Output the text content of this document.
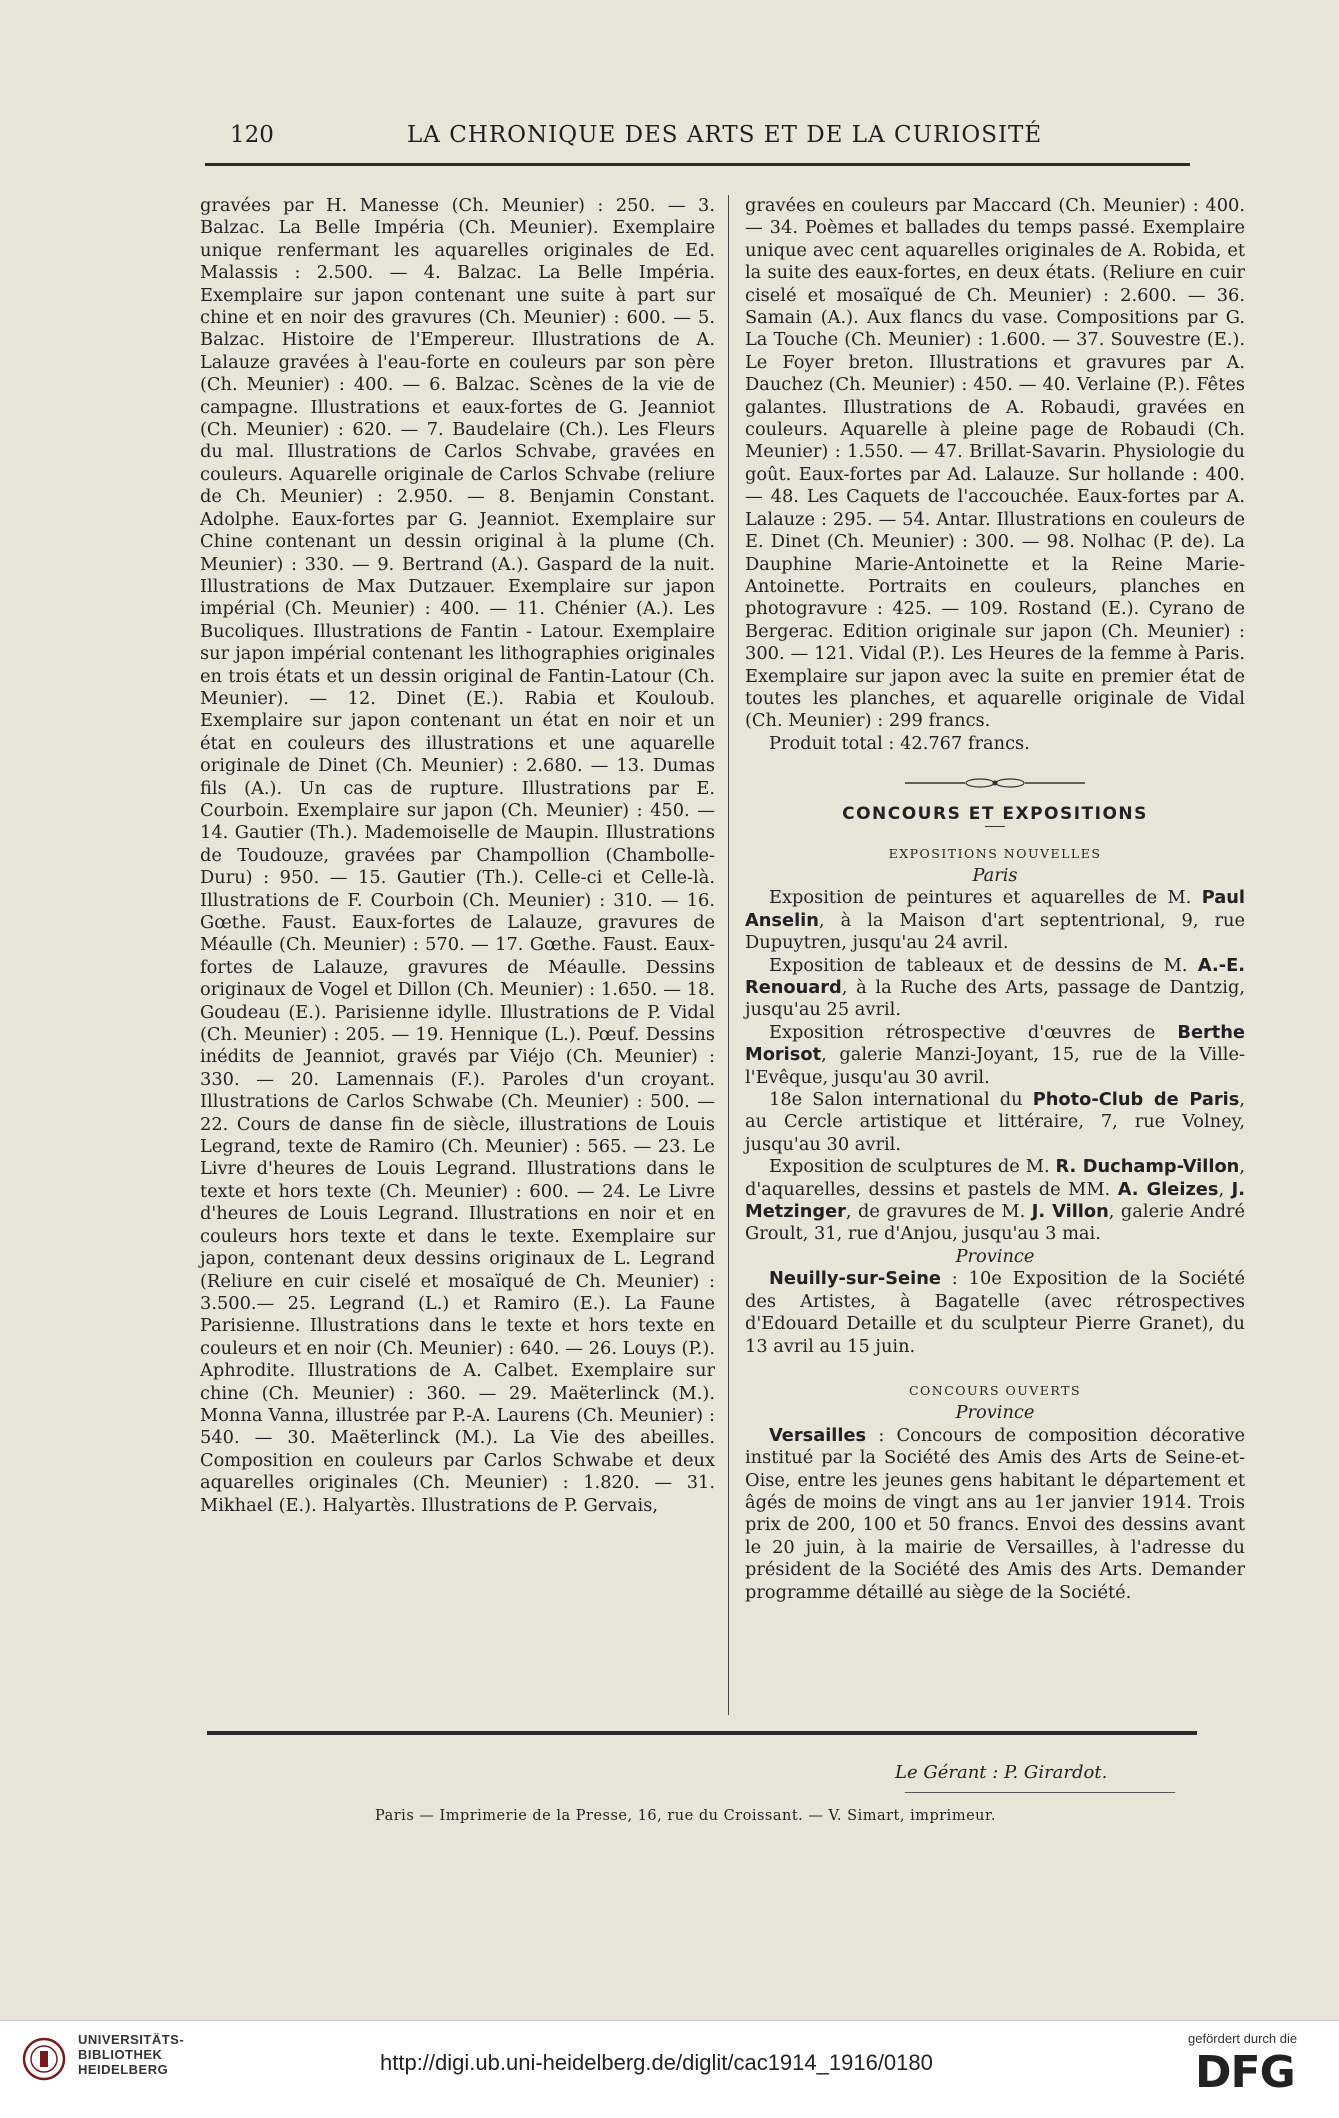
120	LA CHRONIQUE DES ARTS ET DE LA CURIOSITÉ

gravées par H. Manesse (Ch. Meunier) : 250. — 3. Balzac. La Belle Impéria (Ch. Meunier). Exemplaire unique renfermant les aquarelles originales de Ed. Malassis : 2.500. — 4. Balzac. La Belle Impéria. Exemplaire sur japon contenant une suite à part sur chine et en noir des gravures (Ch. Meunier) : 600. — 5. Balzac. Histoire de l'Empereur. Illustrations de A. Lalauze gravées à l'eau-forte en couleurs par son père (Ch. Meunier) : 400. — 6. Balzac. Scènes de la vie de campagne. Illustrations et eaux-fortes de G. Jeanniot (Ch. Meunier) : 620. — 7. Baudelaire (Ch.). Les Fleurs du mal. Illustrations de Carlos Schvabe, gravées en couleurs. Aquarelle originale de Carlos Schvabe (reliure de Ch. Meunier) : 2.950. — 8. Benjamin Constant. Adolphe. Eaux-fortes par G. Jeanniot. Exemplaire sur Chine contenant un dessin original à la plume (Ch. Meunier) : 330. — 9. Bertrand (A.). Gaspard de la nuit. Illustrations de Max Dutzauer. Exemplaire sur japon impérial (Ch. Meunier) : 400. — 11. Chénier (A.). Les Bucoliques. Illustrations de Fantin - Latour. Exemplaire sur japon impérial contenant les lithographies originales en trois états et un dessin original de Fantin-Latour (Ch. Meunier). — 12. Dinet (E.). Rabia et Kouloub. Exemplaire sur japon contenant un état en noir et un état en couleurs des illustrations et une aquarelle originale de Dinet (Ch. Meunier) : 2.680. — 13. Dumas fils (A.). Un cas de rupture. Illustrations par E. Courboin. Exemplaire sur japon (Ch. Meunier) : 450. — 14. Gautier (Th.). Mademoiselle de Maupin. Illustrations de Toudouze, gravées par Champollion (Chambolle-Duru) : 950. — 15. Gautier (Th.). Celle-ci et Celle-là. Illustrations de F. Courboin (Ch. Meunier) : 310. — 16. Gœthe. Faust. Eaux-fortes de Lalauze, gravures de Méaulle (Ch. Meunier) : 570. — 17. Gœthe. Faust. Eaux-fortes de Lalauze, gravures de Méaulle. Dessins originaux de Vogel et Dillon (Ch. Meunier) : 1.650. — 18. Goudeau (E.). Parisienne idylle. Illustrations de P. Vidal (Ch. Meunier) : 205. — 19. Hennique (L.). Pœuf. Dessins inédits de Jeanniot, gravés par Viéjo (Ch. Meunier) : 330. — 20. Lamennais (F.). Paroles d'un croyant. Illustrations de Carlos Schwabe (Ch. Meunier) : 500. — 22. Cours de danse fin de siècle, illustrations de Louis Legrand, texte de Ramiro (Ch. Meunier) : 565. — 23. Le Livre d'heures de Louis Legrand. Illustrations dans le texte et hors texte (Ch. Meunier) : 600. — 24. Le Livre d'heures de Louis Legrand. Illustrations en noir et en couleurs hors texte et dans le texte. Exemplaire sur japon, contenant deux dessins originaux de L. Legrand (Reliure en cuir ciselé et mosaïqué de Ch. Meunier) : 3.500.— 25. Legrand (L.) et Ramiro (E.). La Faune Parisienne. Illustrations dans le texte et hors texte en couleurs et en noir (Ch. Meunier) : 640. — 26. Louys (P.). Aphrodite. Illustrations de A. Calbet. Exemplaire sur chine (Ch. Meunier) : 360. — 29. Maëterlinck (M.). Monna Vanna, illustrée par P.-A. Laurens (Ch. Meunier) : 540. — 30. Maëterlinck (M.). La Vie des abeilles. Composition en couleurs par Carlos Schwabe et deux aquarelles originales (Ch. Meunier) : 1.820. — 31. Mikhael (E.). Halyartès. Illustrations de P. Gervais,

gravées en couleurs par Maccard (Ch. Meunier) : 400. — 34. Poèmes et ballades du temps passé. Exemplaire unique avec cent aquarelles originales de A. Robida, et la suite des eaux-fortes, en deux états. (Reliure en cuir ciselé et mosaïqué de Ch. Meunier) : 2.600. — 36. Samain (A.). Aux flancs du vase. Compositions par G. La Touche (Ch. Meunier) : 1.600. — 37. Souvestre (E.). Le Foyer breton. Illustrations et gravures par A. Dauchez (Ch. Meunier) : 450. — 40. Verlaine (P.). Fêtes galantes. Illustrations de A. Robaudi, gravées en couleurs. Aquarelle à pleine page de Robaudi (Ch. Meunier) : 1.550. — 47. Brillat-Savarin. Physiologie du goût. Eaux-fortes par Ad. Lalauze. Sur hollande : 400. — 48. Les Caquets de l'accouchée. Eaux-fortes par A. Lalauze : 295. — 54. Antar. Illustrations en couleurs de E. Dinet (Ch. Meunier) : 300. — 98. Nolhac (P. de). La Dauphine Marie-Antoinette et la Reine Marie-Antoinette. Portraits en couleurs, planches en photogravure : 425. — 109. Rostand (E.). Cyrano de Bergerac. Edition originale sur japon (Ch. Meunier) : 300. — 121. Vidal (P.). Les Heures de la femme à Paris. Exemplaire sur japon avec la suite en premier état de toutes les planches, et aquarelle originale de Vidal (Ch. Meunier) : 299 francs.

Produit total : 42.767 francs.

CONCOURS ET EXPOSITIONS

EXPOSITIONS NOUVELLES

Paris

Exposition de peintures et aquarelles de M. Paul Anselin, à la Maison d'art septentrional, 9, rue Dupuytren, jusqu'au 24 avril.

Exposition de tableaux et de dessins de M. A.-E. Renouard, à la Ruche des Arts, passage de Dantzig, jusqu'au 25 avril.

Exposition rétrospective d'œuvres de Berthe Morisot, galerie Manzi-Joyant, 15, rue de la Ville-l'Evêque, jusqu'au 30 avril.

18e Salon international du Photo-Club de Paris, au Cercle artistique et littéraire, 7, rue Volney, jusqu'au 30 avril.

Exposition de sculptures de M. R. Duchamp-Villon, d'aquarelles, dessins et pastels de MM. A. Gleizes, J. Metzinger, de gravures de M. J. Villon, galerie André Groult, 31, rue d'Anjou, jusqu'au 3 mai.

Province

Neuilly-sur-Seine : 10e Exposition de la Société des Artistes, à Bagatelle (avec rétrospectives d'Edouard Detaille et du sculpteur Pierre Granet), du 13 avril au 15 juin.

CONCOURS OUVERTS

Province

Versailles : Concours de composition décorative institué par la Société des Amis des Arts de Seine-et-Oise, entre les jeunes gens habitant le département et âgés de moins de vingt ans au 1er janvier 1914. Trois prix de 200, 100 et 50 francs. Envoi des dessins avant le 20 juin, à la mairie de Versailles, à l'adresse du président de la Société des Amis des Arts. Demander programme détaillé au siège de la Société.

Le Gérant : P. Girardot.
Paris — Imprimerie de la Presse, 16, rue du Croissant. — V. Simart, imprimeur.
UNIVERSITÄTS-
BIBLIOTHEK
HEIDELBERG	http://digi.ub.uni-heidelberg.de/diglit/cac1914_1916/0180
gefördert durch die
DFG
